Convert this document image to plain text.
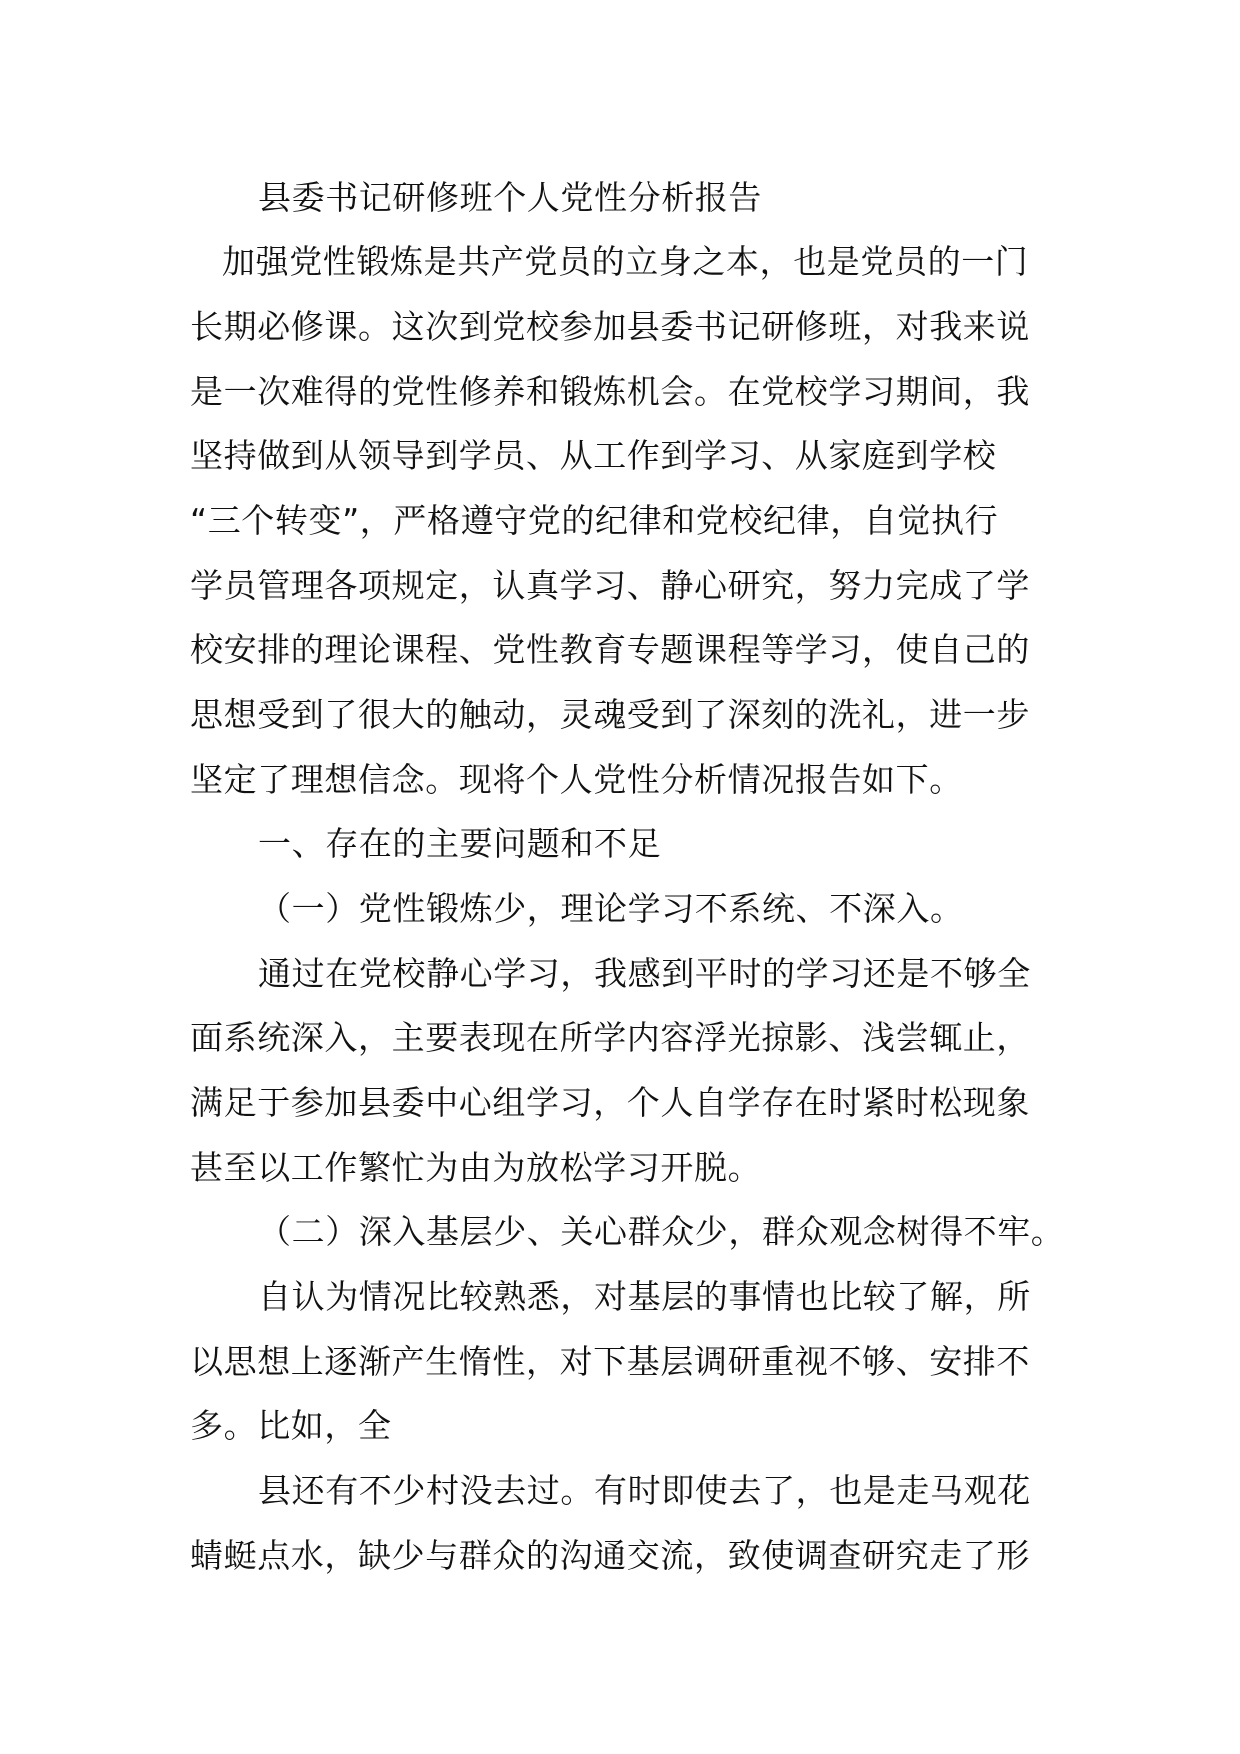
县委书记研修班个人党性分析报告

加强党性锻炼是共产党员的立身之本，也是党员的一门

长期必修课。这次到党校参加县委书记研修班，对我来说

是一次难得的党性修养和锻炼机会。在党校学习期间，我

坚持做到从领导到学员、从工作到学习、从家庭到学校

“三个转变”，严格遵守党的纪律和党校纪律，自觉执行

学员管理各项规定，认真学习、静心研究，努力完成了学

校安排的理论课程、党性教育专题课程等学习，使自己的

思想受到了很大的触动，灵魂受到了深刻的洗礼，进一步

坚定了理想信念。现将个人党性分析情况报告如下。

一、存在的主要问题和不足

（一）党性锻炼少，理论学习不系统、不深入。

通过在党校静心学习，我感到平时的学习还是不够全

面系统深入，主要表现在所学内容浮光掠影、浅尝辄止，

满足于参加县委中心组学习，个人自学存在时紧时松现象

甚至以工作繁忙为由为放松学习开脱。

（二）深入基层少、关心群众少，群众观念树得不牢。

自认为情况比较熟悉，对基层的事情也比较了解，所

以思想上逐渐产生惰性，对下基层调研重视不够、安排不

多。比如，全

县还有不少村没去过。有时即使去了，也是走马观花

蜻蜓点水，缺少与群众的沟通交流，致使调查研究走了形
